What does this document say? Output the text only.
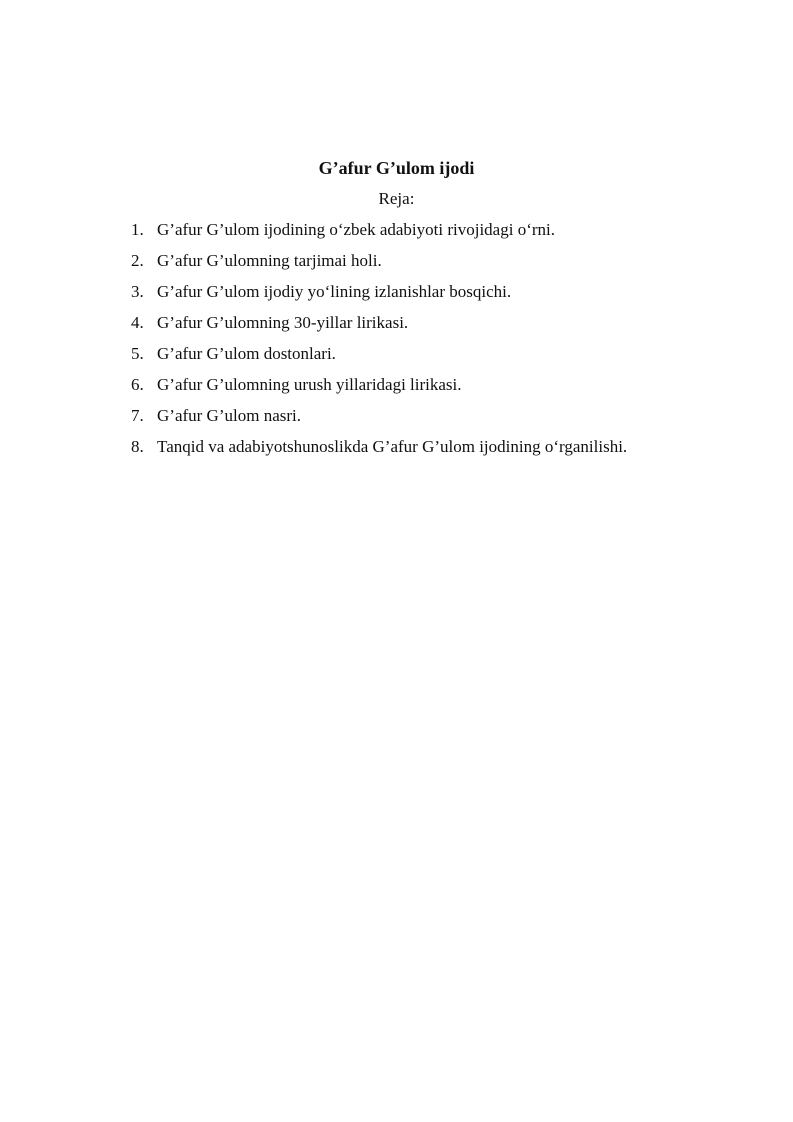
G’afur G’ulom ijodi
Reja:
1. G’afur G’ulom ijodining o‘zbek adabiyoti rivojidagi o‘rni.
2. G’afur G’ulomning tarjimai holi.
3. G’afur G’ulom ijodiy yo‘lining izlanishlar bosqichi.
4. G’afur G’ulomning 30-yillar lirikasi.
5. G’afur G’ulom dostonlari.
6. G’afur G’ulomning urush yillaridagi lirikasi.
7. G’afur G’ulom nasri.
8. Tanqid va adabiyotshunoslikda G’afur G’ulom ijodining o‘rganilishi.
